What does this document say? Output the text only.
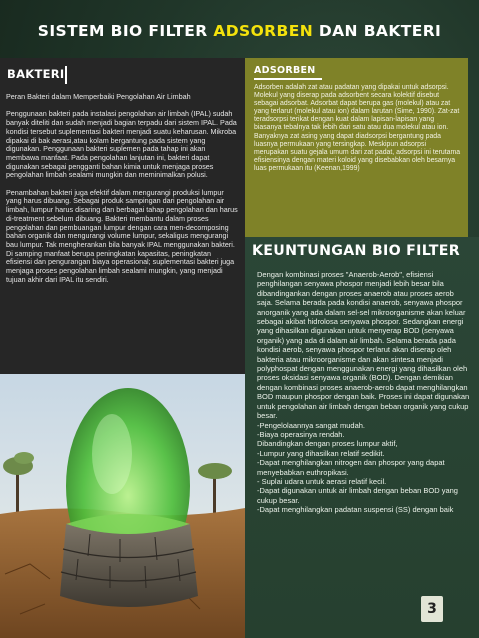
SISTEM BIO FILTER ADSORBEN DAN BAKTERI
BAKTERI

Peran Bakteri dalam Memperbaiki Pengolahan Air Limbah

Penggunaan bakteri pada instalasi pengolahan air limbah (IPAL) sudah banyak diteliti dan sudah menjadi bagian terpadu dari sistem IPAL. Pada kondisi tersebut suplementasi bakteri menjadi suatu keharusan. Mikroba dipakai di bak aerasi,atau kolam bergantung pada sistem yang digunakan. Penggunaan bakteri suplemen pada tahap ini akan membawa manfaat. Pada pengolahan lanjutan ini, bakteri dapat digunakan sebagai pengganti bahan kimia untuk menjaga proses pengolahan limbah sealami mungkin dan meminimalkan polusi.

Penambahan bakteri juga efektif dalam mengurangi produksi lumpur yang harus dibuang. Sebagai produk sampingan dari pengolahan air limbah, lumpur harus disaring dan berbagai tahap pengolahan dan harus di-treatment sebelum dibuang. Bakteri membantu dalam proses pengolahan dan pembuangan lumpur dengan cara men-decomposing bahan organik dan mengurangi volume lumpur, sekaligus mengurangi bau lumpur. Tak mengherankan bila banyak IPAL menggunakan bakteri. Di samping manfaat berupa peningkatan kapasitas, peningkatan efisiensi dan pengurangan biaya operasional; suplementasi bakteri juga menjaga proses pengolahan limbah sealami mungkin, yang menjadi tujuan akhir dari IPAL itu sendiri.

ADSORBEN
Adsorben adalah zat atau padatan yang dipakai untuk adsorpsi. Molekul yang diserap pada adsorbent secara kolektif disebut sebagai adsorbat. Adsorbat dapat berupa gas (molekul) atau zat yang terlarut (molekul atau ion) dalam larutan (Sime, 1990). Zat-zat teradsorpsi terikat dengan kuat dalam lapisan-lapisan yang biasanya tebalnya tak lebih dari satu atau dua molekul atau ion. Banyaknya zat asing yang dapat diadsorpsi bergantung pada luasnya permukaan yang tersingkap. Meskipun adsorpsi merupakan suatu gejala umum dari zat padat, adsorpsi ini terutama efisiensinya dengan materi koloid yang disebabkan oleh besarnya luas permukaan itu (Keenan,1999)
KEUNTUNGAN BIO FILTER
Dengan kombinasi proses "Anaerob-Aerob", efisiensi penghilangan senyawa phospor menjadi lebih besar bila dibandingankan dengan proses anaerob atau proses aerob saja. Selama berada pada kondisi anaerob, senyawa phospor anorganik yang ada dalam sel-sel mikroorganisme akan keluar sebagai akibat hidrolosa senyawa phospor. Sedangkan energi yang dihasilkan digunakan untuk menyerap BOD (senyawa organik) yang ada di dalam air limbah. Selama berada pada kondisi aerob, senyawa phospor terlarut akan diserap oleh bakteria atau mikroorganisme dan akan sintesa menjadi polyphospat dengan menggunakan energi yang dihasilkan oleh proses oksidasi senyawa organik (BOD). Dengan demikian dengan kombinasi proses anaerob-aerob dapat menghilangkan BOD maupun phospor dengan baik. Proses ini dapat digunakan untuk pengolahan air limbah dengan beban organik yang cukup besar.
-Pengelolaannya sangat mudah.
-Biaya operasinya rendah.
Dibandingkan dengan proses lumpur aktif,
-Lumpur yang dihasilkan relatif sedikit.
-Dapat menghilangkan nitrogen dan phospor yang dapat menyebabkan euthropikasi.
- Suplai udara untuk aerasi relatif kecil.
-Dapat digunakan untuk air limbah dengan beban BOD yang cukup besar.
-Dapat menghilangkan padatan suspensi (SS) dengan baik
3
